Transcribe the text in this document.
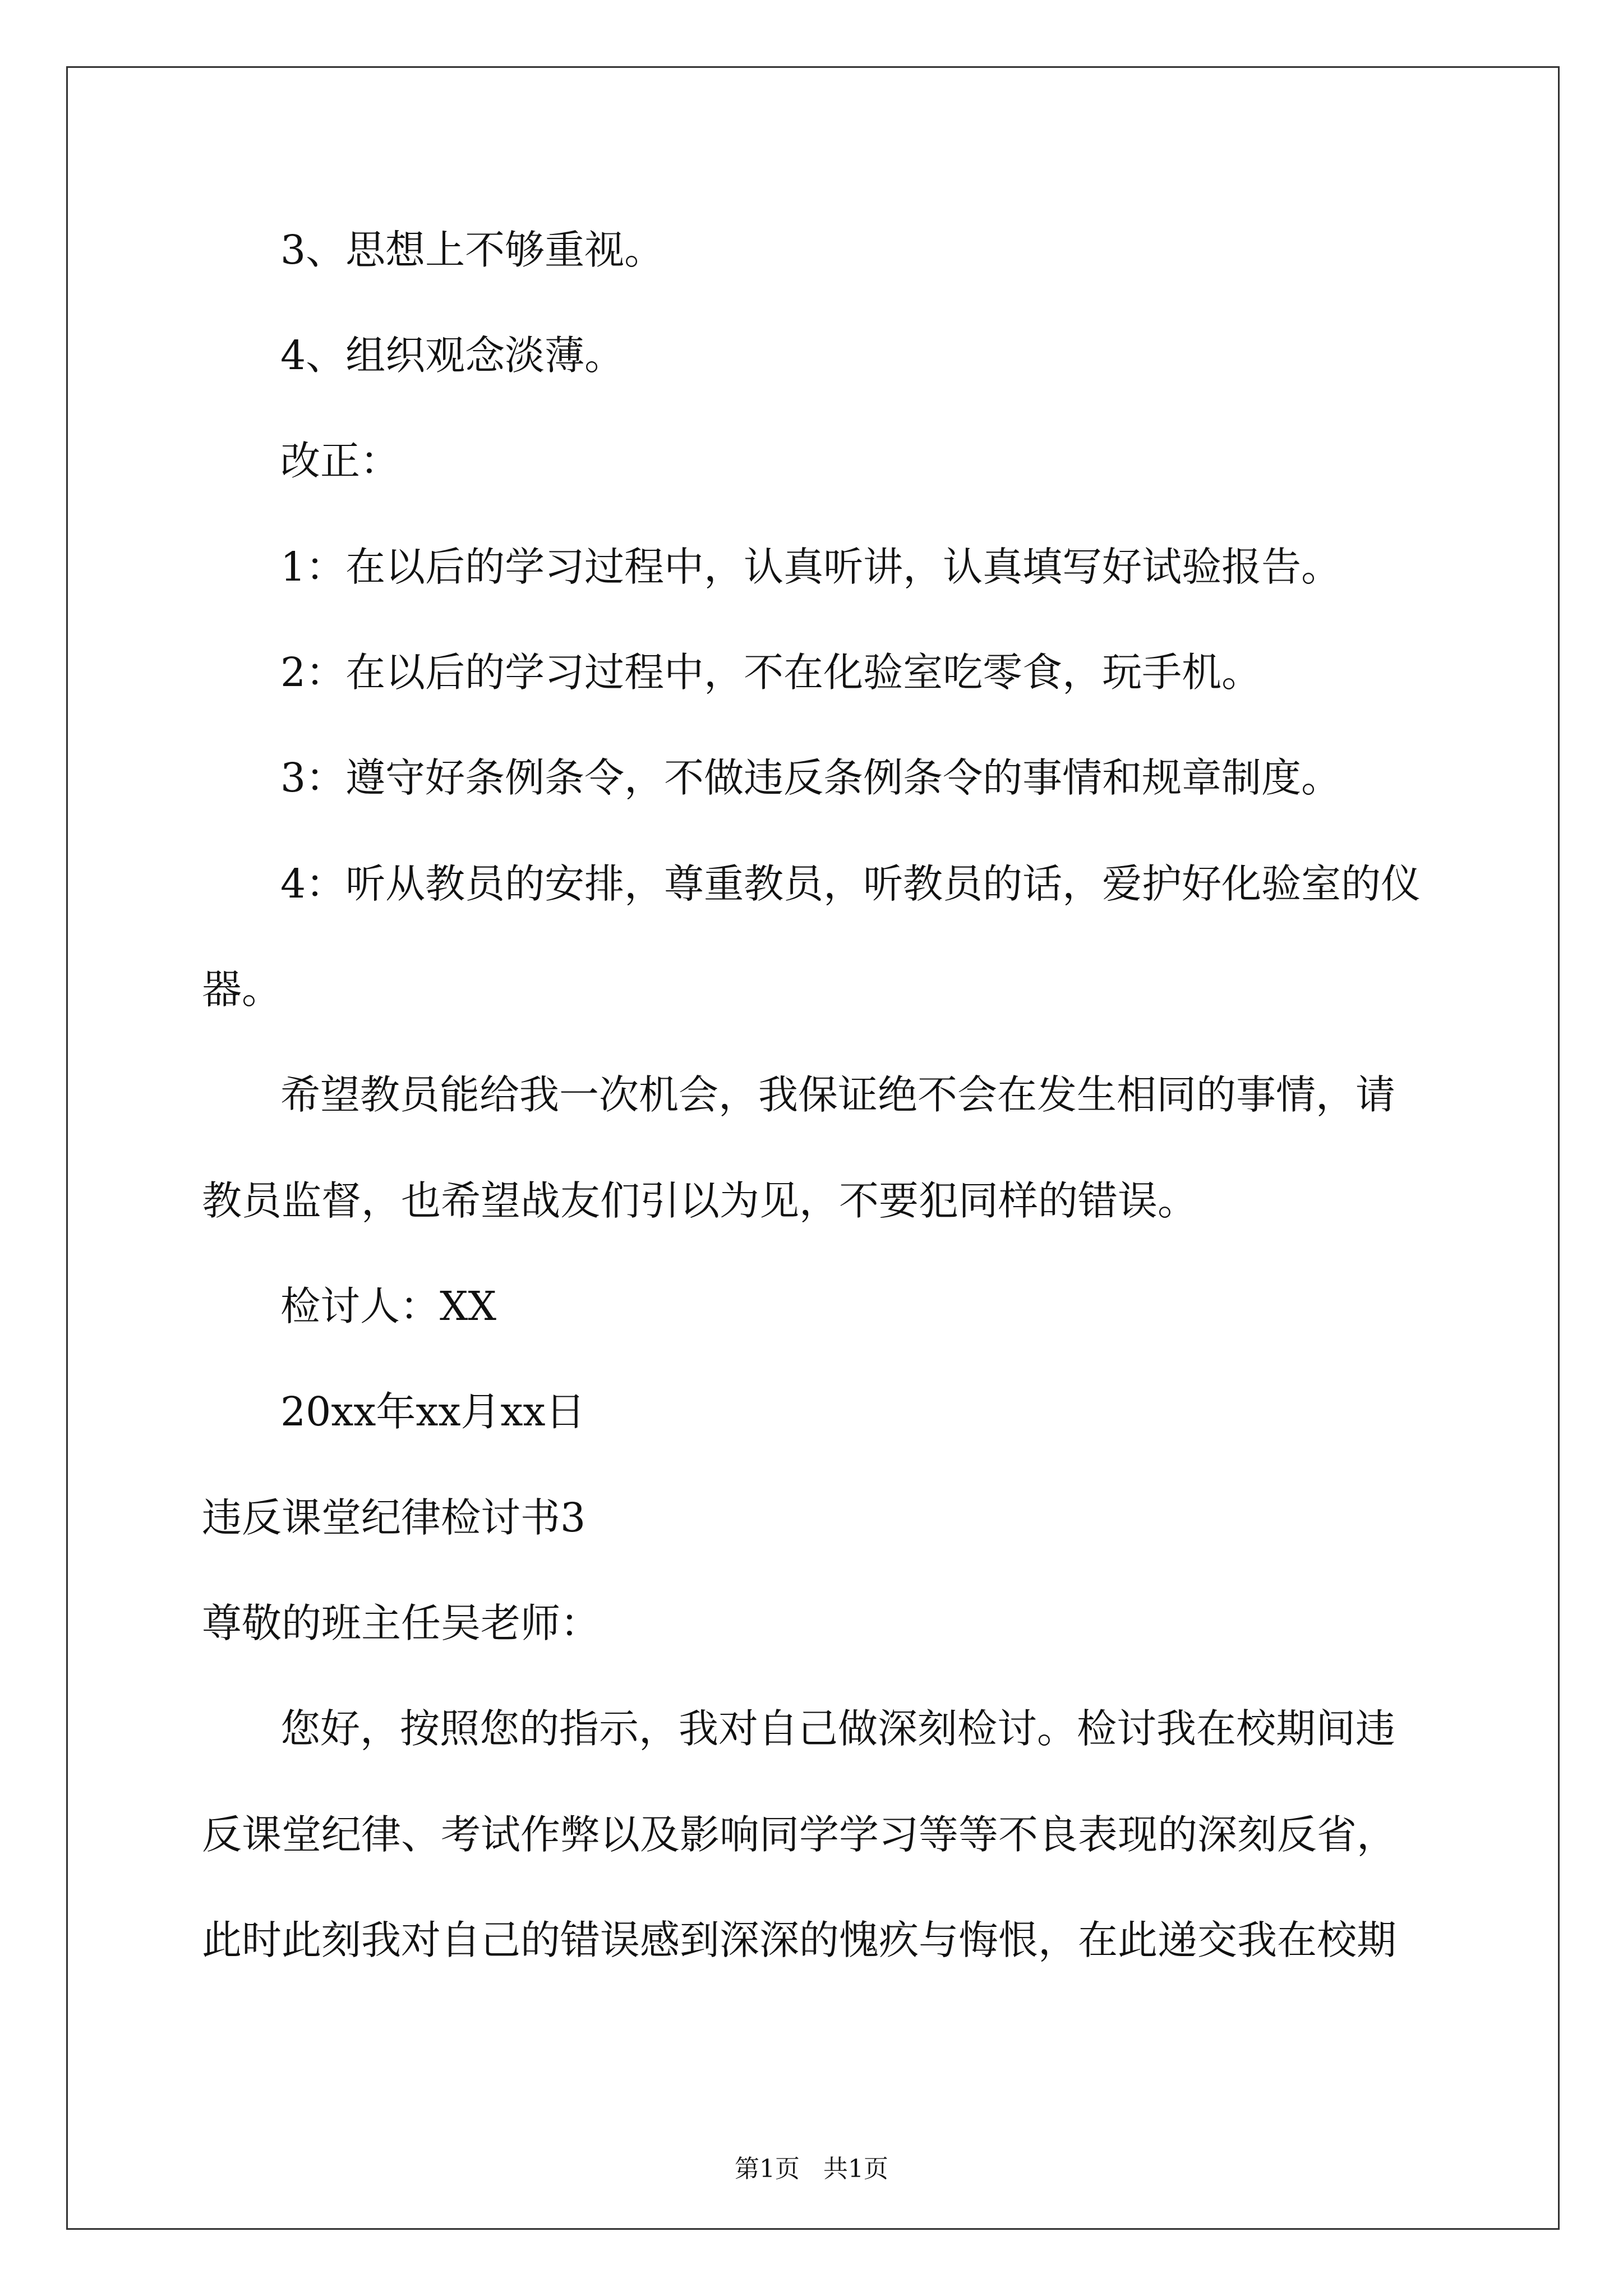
3、思想上不够重视。
4、组织观念淡薄。
改正：
1：在以后的学习过程中，认真听讲，认真填写好试验报告。
2：在以后的学习过程中，不在化验室吃零食，玩手机。
3：遵守好条例条令，不做违反条例条令的事情和规章制度。
4：听从教员的安排，尊重教员，听教员的话，爱护好化验室的仪
器。
希望教员能给我一次机会，我保证绝不会在发生相同的事情，请
教员监督，也希望战友们引以为见，不要犯同样的错误。
检讨人：XX
20xx年xx月xx日
违反课堂纪律检讨书3
尊敬的班主任吴老师：
您好，按照您的指示，我对自己做深刻检讨。检讨我在校期间违
反课堂纪律、考试作弊以及影响同学学习等等不良表现的深刻反省，
此时此刻我对自己的错误感到深深的愧疚与悔恨，在此递交我在校期
第1页   共1页
